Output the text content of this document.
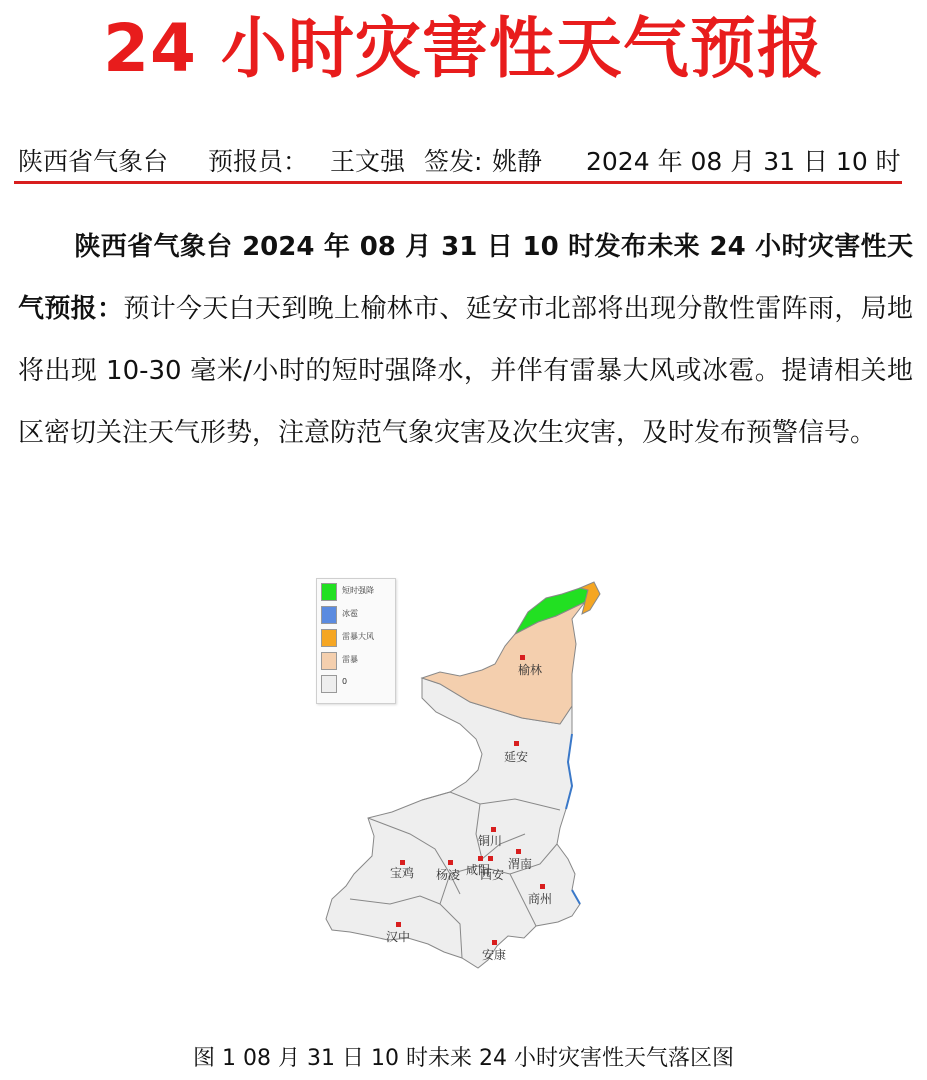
24 小时灾害性天气预报
陕西省气象台 预报员： 王文强 签发: 姚静 2024 年 08 月 31 日 10 时
陕西省气象台 2024 年 08 月 31 日 10 时发布未来 24 小时灾害性天气预报：预计今天白天到晚上榆林市、延安市北部将出现分散性雷阵雨，局地将出现 10-30 毫米/小时的短时强降水，并伴有雷暴大风或冰雹。提请相关地区密切关注天气形势，注意防范气象灾害及次生灾害，及时发布预警信号。
榆林
延安
铜川
渭南
宝鸡 杨凌 咸阳
西安
商州
汉中
安康
短时强降
冰雹
雷暴大风
雷暴
0
图 1 08 月 31 日 10 时未来 24 小时灾害性天气落区图
